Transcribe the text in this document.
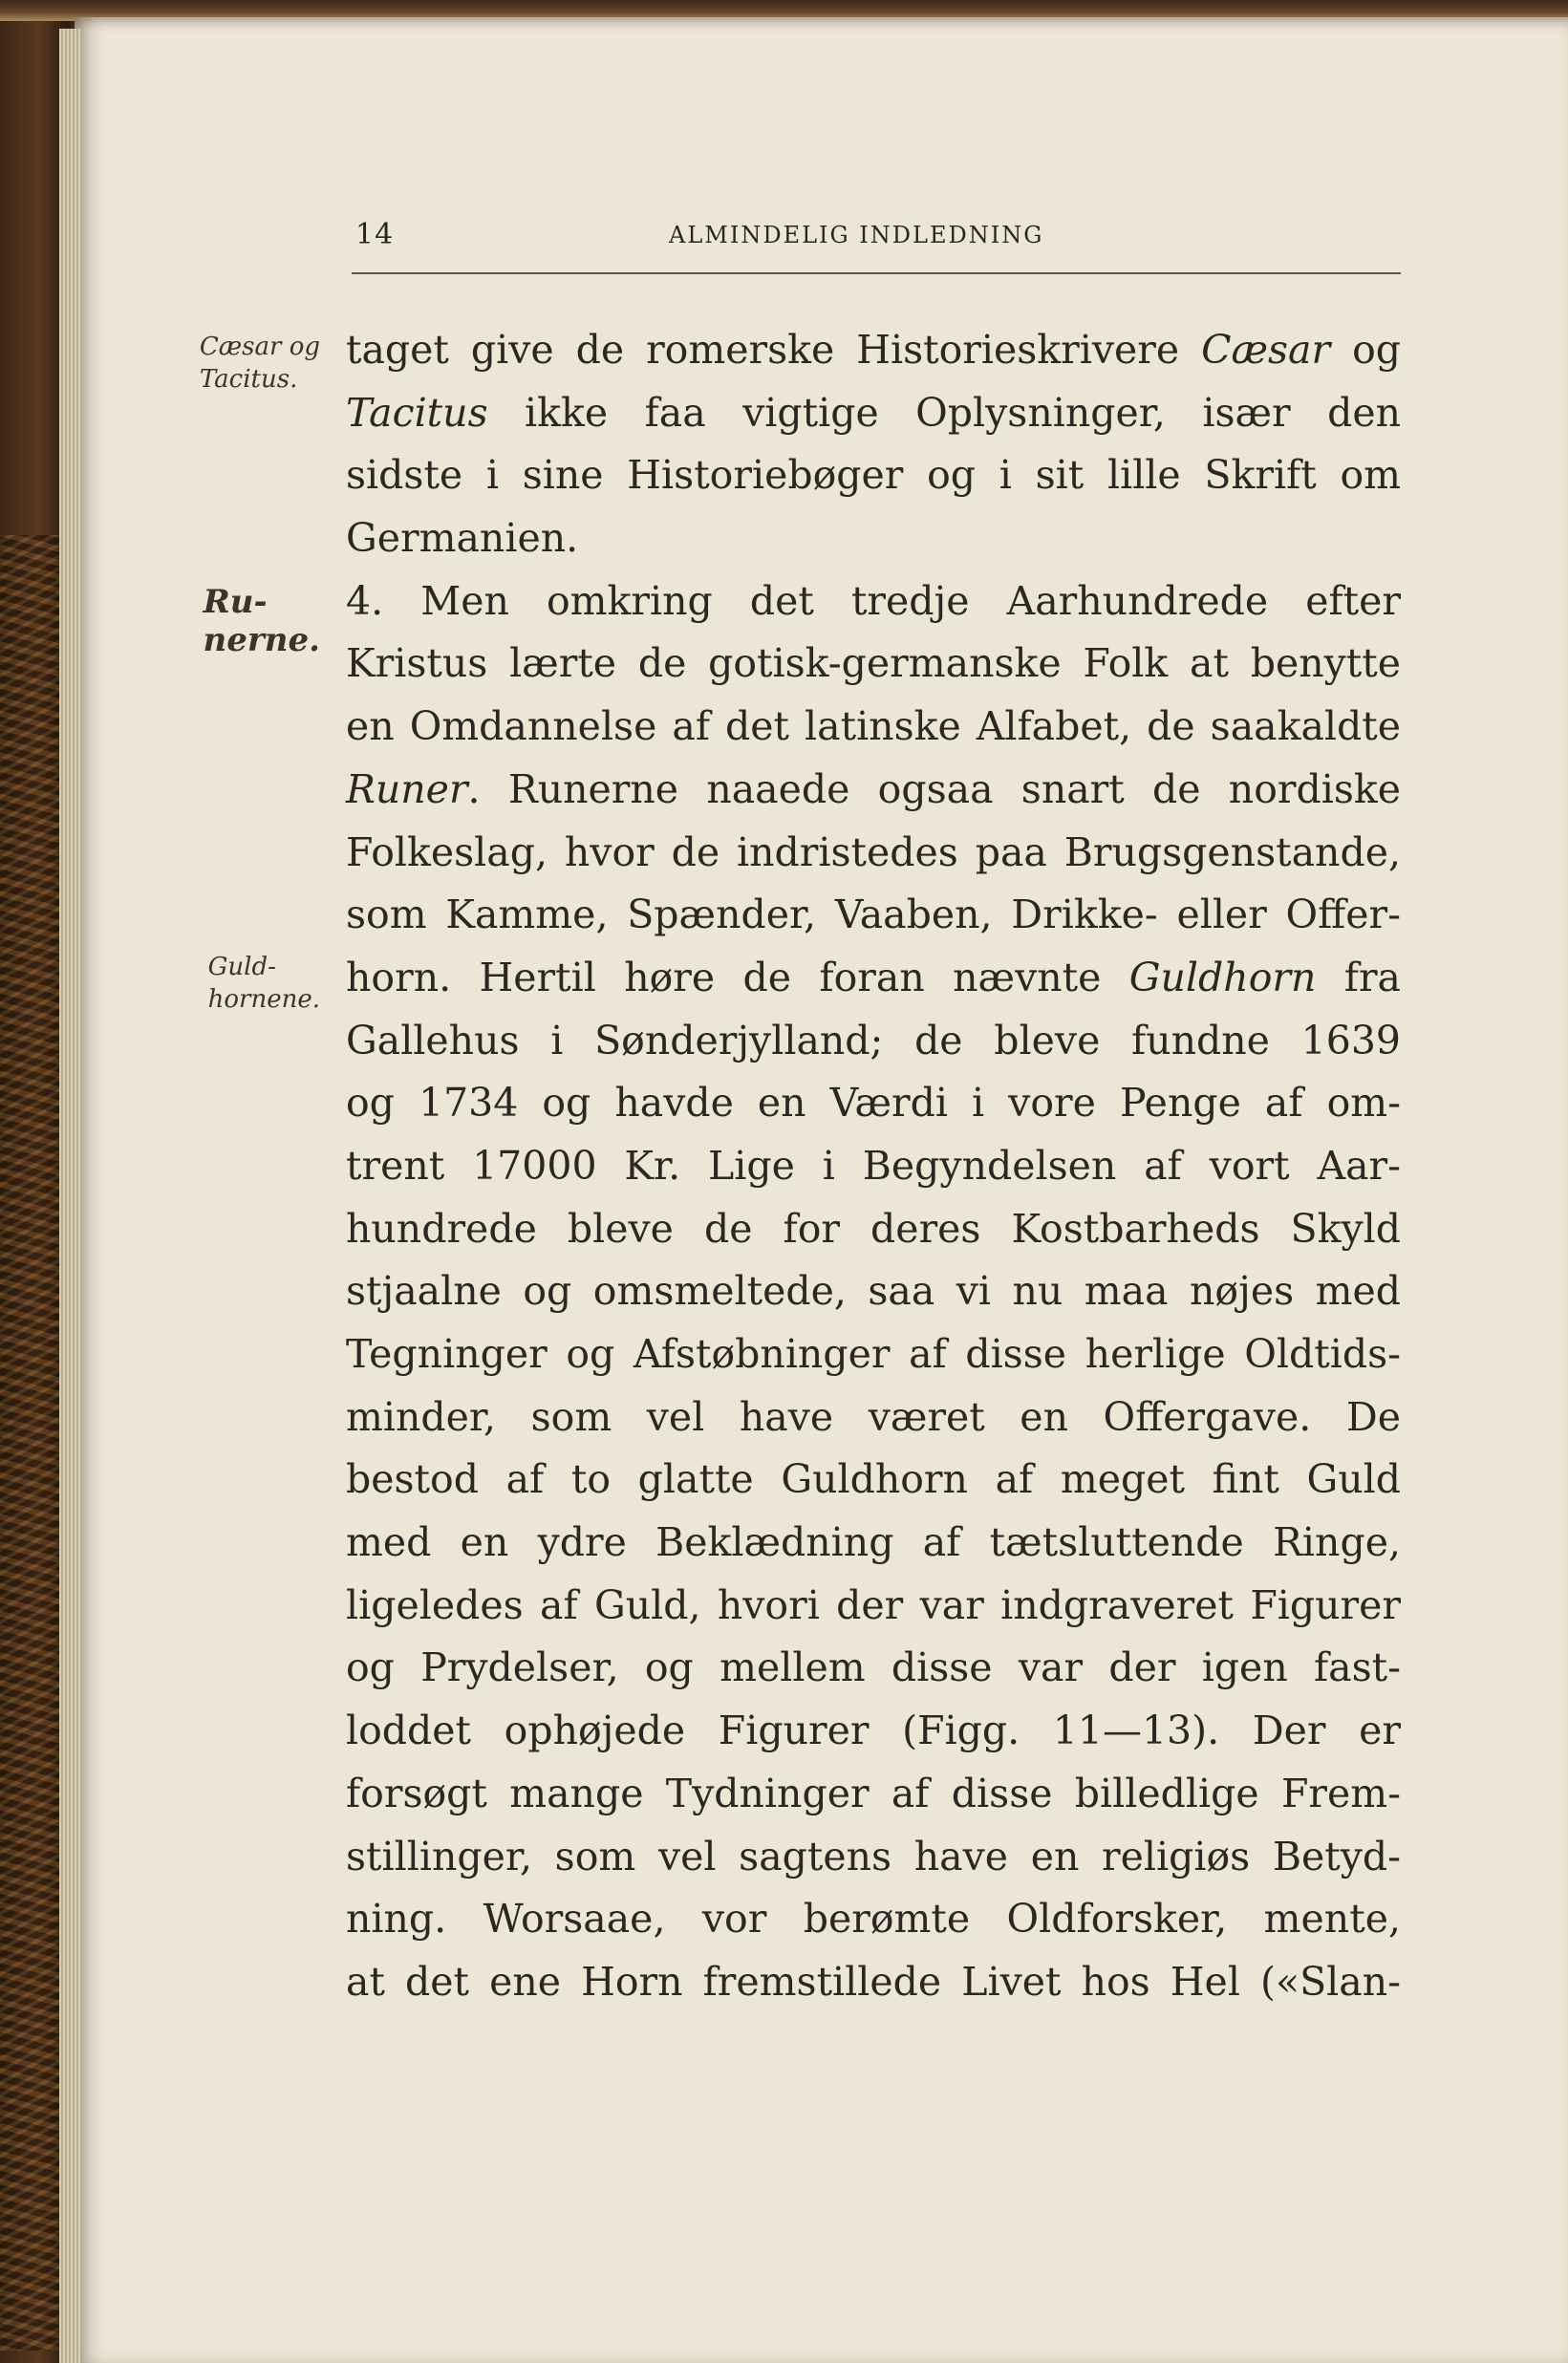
14	ALMINDELIG INDLEDNING
Cæsar og
Tacitus.
Ru-
nerne.
Guld-
hornene.
taget give de romerske Historieskrivere Cæsar og
Tacitus ikke faa vigtige Oplysninger, især den
sidste i sine Historiebøger og i sit lille Skrift om
Germanien.
4. Men omkring det tredje Aarhundrede efter
Kristus lærte de gotisk-germanske Folk at benytte
en Omdannelse af det latinske Alfabet, de saakaldte
Runer. Runerne naaede ogsaa snart de nordiske
Folkeslag, hvor de indristedes paa Brugsgenstande,
som Kamme, Spænder, Vaaben, Drikke- eller Offer-
horn. Hertil høre de foran nævnte Guldhorn fra
Gallehus i Sønderjylland; de bleve fundne 1639
og 1734 og havde en Værdi i vore Penge af om-
trent 17000 Kr. Lige i Begyndelsen af vort Aar-
hundrede bleve de for deres Kostbarheds Skyld
stjaalne og omsmeltede, saa vi nu maa nøjes med
Tegninger og Afstøbninger af disse herlige Oldtids-
minder, som vel have været en Offergave. De
bestod af to glatte Guldhorn af meget fint Guld
med en ydre Beklædning af tætsluttende Ringe,
ligeledes af Guld, hvori der var indgraveret Figurer
og Prydelser, og mellem disse var der igen fast-
loddet ophøjede Figurer (Figg. 11—13). Der er
forsøgt mange Tydninger af disse billedlige Frem-
stillinger, som vel sagtens have en religiøs Betyd-
ning. Worsaae, vor berømte Oldforsker, mente,
at det ene Horn fremstillede Livet hos Hel («Slan-
